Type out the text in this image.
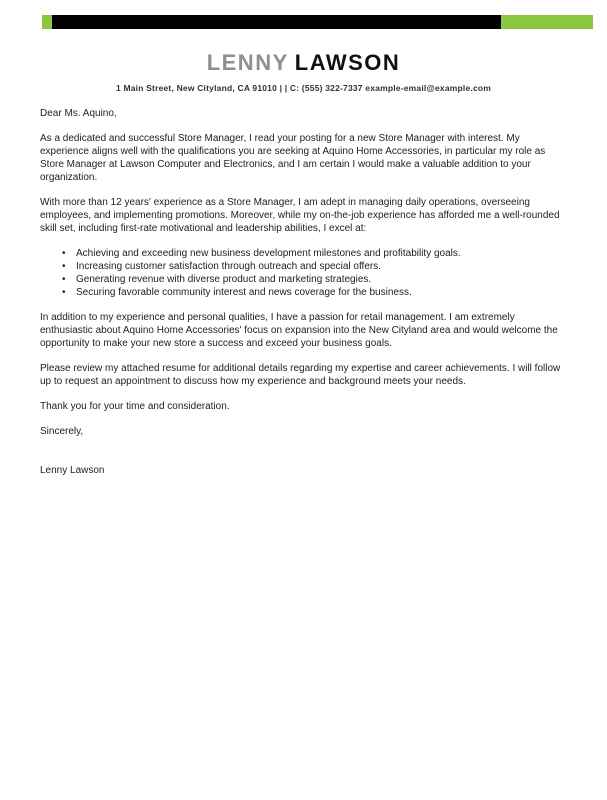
LENNY LAWSON
1 Main Street, New Cityland, CA 91010 | | C: (555) 322-7337 example-email@example.com
Dear Ms. Aquino,
As a dedicated and successful Store Manager, I read your posting for a new Store Manager with interest. My experience aligns well with the qualifications you are seeking at Aquino Home Accessories, in particular my role as Store Manager at Lawson Computer and Electronics, and I am certain I would make a valuable addition to your organization.
With more than 12 years' experience as a Store Manager, I am adept in managing daily operations, overseeing employees, and implementing promotions. Moreover, while my on-the-job experience has afforded me a well-rounded skill set, including first-rate motivational and leadership abilities, I excel at:
•	Achieving and exceeding new business development milestones and profitability goals.
•	Increasing customer satisfaction through outreach and special offers.
•	Generating revenue with diverse product and marketing strategies.
•	Securing favorable community interest and news coverage for the business.
In addition to my experience and personal qualities, I have a passion for retail management. I am extremely enthusiastic about Aquino Home Accessories' focus on expansion into the New Cityland area and would welcome the opportunity to make your new store a success and exceed your business goals.
Please review my attached resume for additional details regarding my expertise and career achievements. I will follow up to request an appointment to discuss how my experience and background meets your needs.
Thank you for your time and consideration.
Sincerely,
Lenny Lawson
